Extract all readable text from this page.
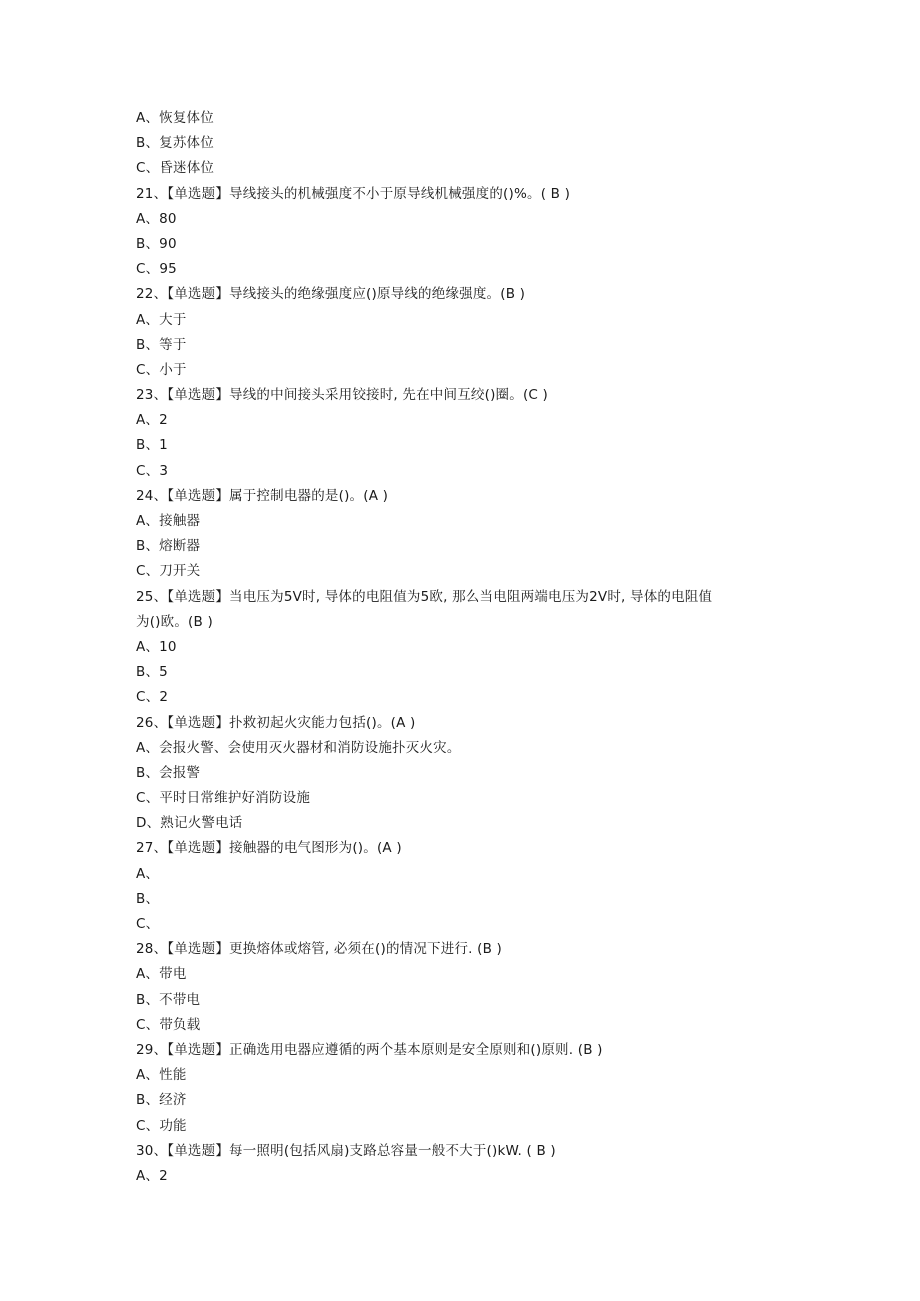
A、恢复体位
B、复苏体位
C、昏迷体位
21、【单选题】导线接头的机械强度不小于原导线机械强度的()%。( B )
A、80
B、90
C、95
22、【单选题】导线接头的绝缘强度应()原导线的绝缘强度。(B )
A、大于
B、等于
C、小于
23、【单选题】导线的中间接头采用铰接时, 先在中间互绞()圈。(C )
A、2
B、1
C、3
24、【单选题】属于控制电器的是()。(A )
A、接触器
B、熔断器
C、刀开关
25、【单选题】当电压为5V时, 导体的电阻值为5欧, 那么当电阻两端电压为2V时, 导体的电阻值
为()欧。(B )
A、10
B、5
C、2
26、【单选题】扑救初起火灾能力包括()。(A )
A、会报火警、会使用灭火器材和消防设施扑灭火灾。
B、会报警
C、平时日常维护好消防设施
D、熟记火警电话
27、【单选题】接触器的电气图形为()。(A )
A、
B、
C、
28、【单选题】更换熔体或熔管, 必须在()的情况下进行. (B )
A、带电
B、不带电
C、带负载
29、【单选题】正确选用电器应遵循的两个基本原则是安全原则和()原则. (B )
A、性能
B、经济
C、功能
30、【单选题】每一照明(包括风扇)支路总容量一般不大于()kW. ( B )
A、2
